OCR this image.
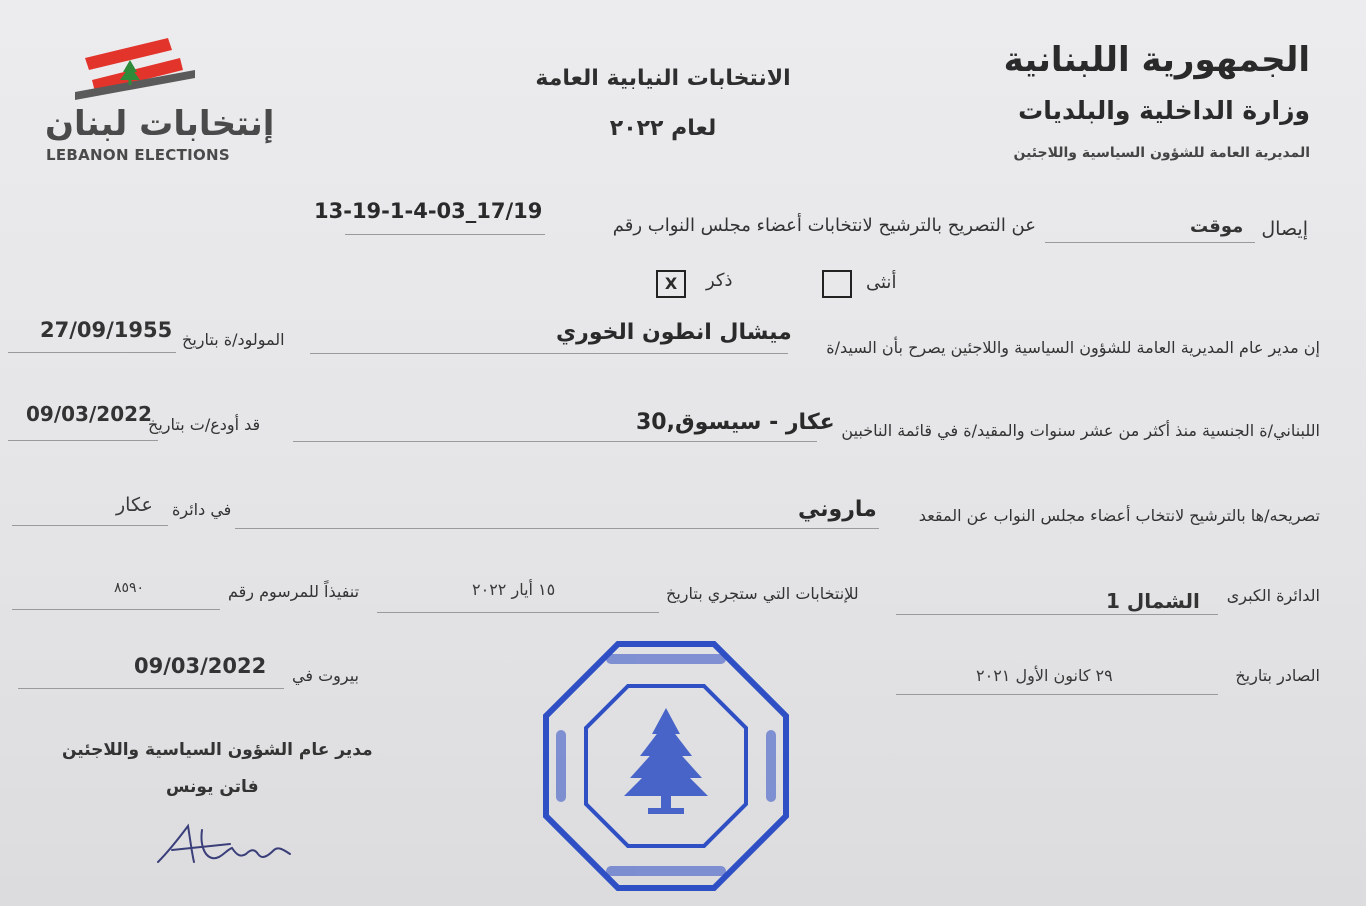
إنتخابات لبنان
LEBANON ELECTIONS
الانتخابات النيابية العامة
لعام ٢٠٢٢
الجمهورية اللبنانية
وزارة الداخلية والبلديات
المديرية العامة للشؤون السياسية واللاجئين
إيصال
موقت
عن التصريح بالترشيح لانتخابات أعضاء مجلس النواب رقم
13-19-1-4-03_17/19
أنثى
ذكر
X
إن مدير عام المديرية العامة للشؤون السياسية واللاجئين يصرح بأن السيد/ة
ميشال انطون الخوري
المولود/ة بتاريخ
27/09/1955
اللبناني/ة الجنسية منذ أكثر من عشر سنوات والمقيد/ة في قائمة الناخبين
عكار - سيسوق,30
قد أودع/ت بتاريخ
09/03/2022
تصريحه/ها بالترشيح لانتخاب أعضاء مجلس النواب عن المقعد
ماروني
في دائرة
عكار
الدائرة الكبرى
الشمال 1
للإنتخابات التي ستجري بتاريخ
١٥ أيار ٢٠٢٢
تنفيذاً للمرسوم رقم
٨٥٩٠
الصادر بتاريخ
٢٩ كانون الأول ٢٠٢١
بيروت في
09/03/2022
مدير عام الشؤون السياسية واللاجئين
فاتن يونس
